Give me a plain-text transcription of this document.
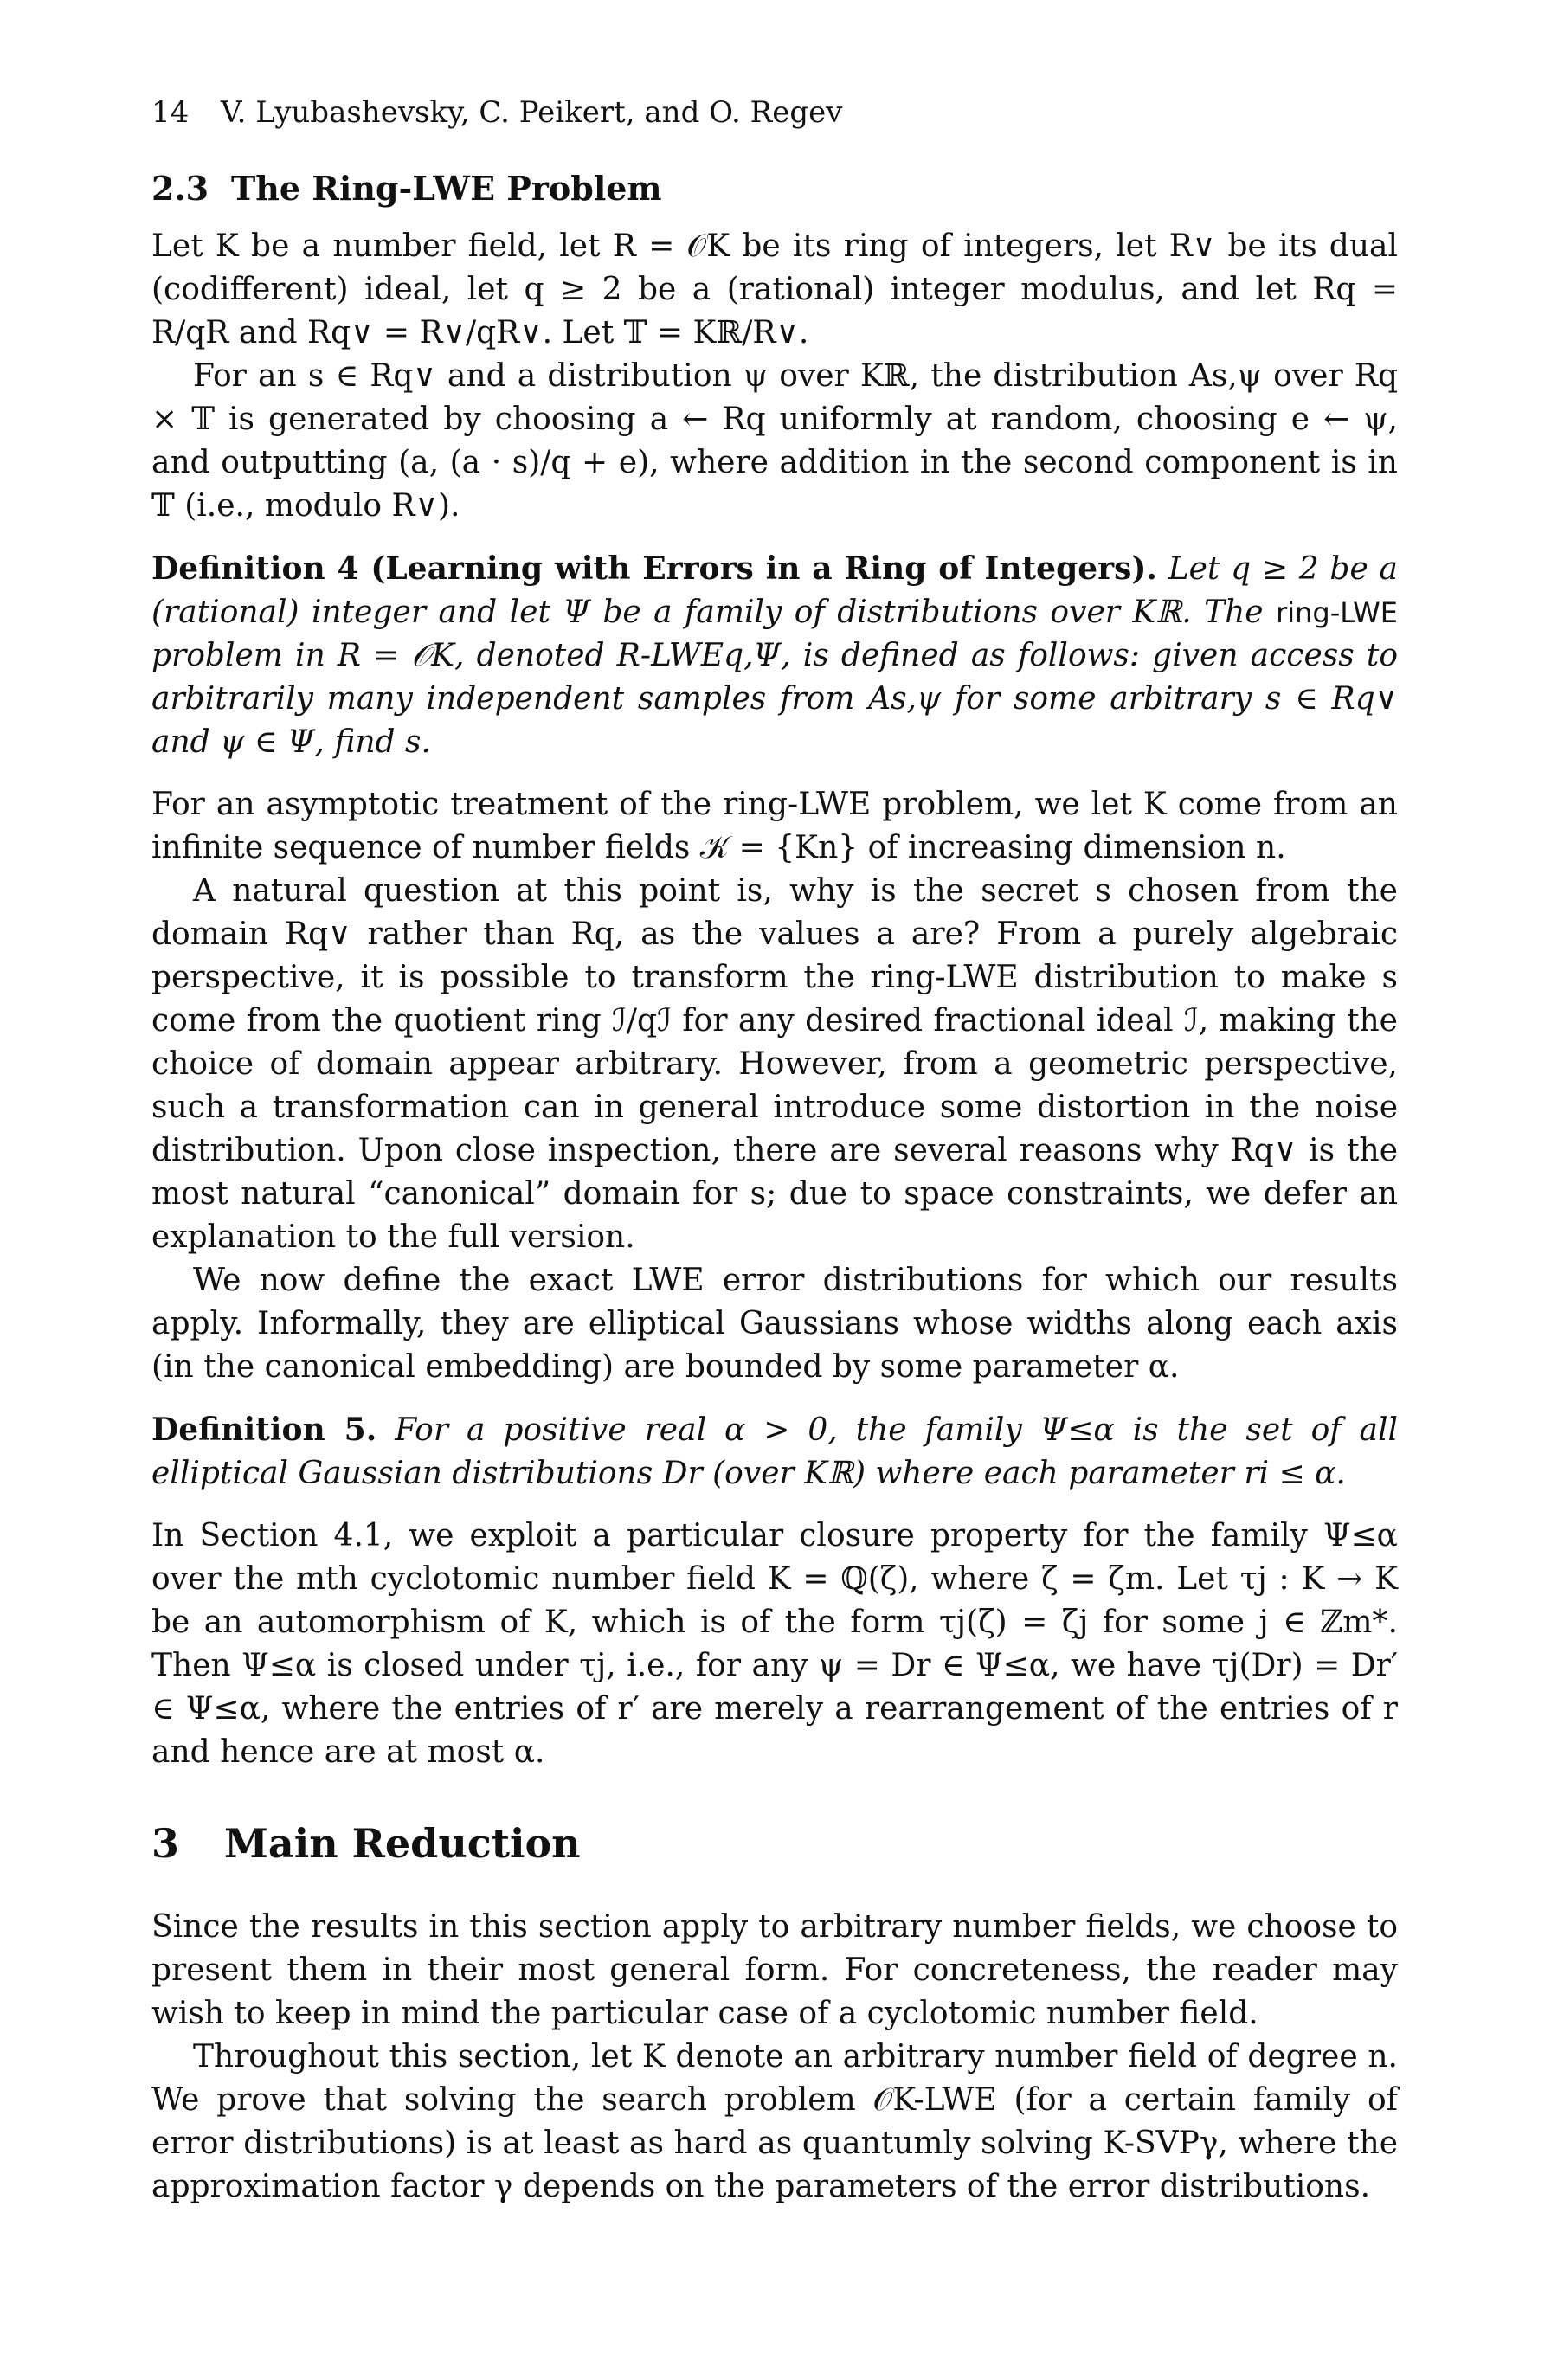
14 V. Lyubashevsky, C. Peikert, and O. Regev
2.3 The Ring-LWE Problem

Let K be a number field, let R = 𝒪K be its ring of integers, let R∨ be its dual (codifferent) ideal, let q ≥ 2 be a (rational) integer modulus, and let Rq = R/qR and Rq∨ = R∨/qR∨. Let 𝕋 = Kℝ/R∨.

For an s ∈ Rq∨ and a distribution ψ over Kℝ, the distribution As,ψ over Rq × 𝕋 is generated by choosing a ← Rq uniformly at random, choosing e ← ψ, and outputting (a, (a · s)/q + e), where addition in the second component is in 𝕋 (i.e., modulo R∨).

Definition 4 (Learning with Errors in a Ring of Integers). Let q ≥ 2 be a (rational) integer and let Ψ be a family of distributions over Kℝ. The ring-LWE problem in R = 𝒪K, denoted R-LWEq,Ψ, is defined as follows: given access to arbitrarily many independent samples from As,ψ for some arbitrary s ∈ Rq∨ and ψ ∈ Ψ, find s.

For an asymptotic treatment of the ring-LWE problem, we let K come from an infinite sequence of number fields 𝒦 = {Kn} of increasing dimension n.

A natural question at this point is, why is the secret s chosen from the domain Rq∨ rather than Rq, as the values a are? From a purely algebraic perspective, it is possible to transform the ring-LWE distribution to make s come from the quotient ring ℐ/qℐ for any desired fractional ideal ℐ, making the choice of domain appear arbitrary. However, from a geometric perspective, such a transformation can in general introduce some distortion in the noise distribution. Upon close inspection, there are several reasons why Rq∨ is the most natural “canonical” domain for s; due to space constraints, we defer an explanation to the full version.

We now define the exact LWE error distributions for which our results apply. Informally, they are elliptical Gaussians whose widths along each axis (in the canonical embedding) are bounded by some parameter α.

Definition 5. For a positive real α > 0, the family Ψ≤α is the set of all elliptical Gaussian distributions Dr (over Kℝ) where each parameter ri ≤ α.

In Section 4.1, we exploit a particular closure property for the family Ψ≤α over the mth cyclotomic number field K = ℚ(ζ), where ζ = ζm. Let τj : K → K be an automorphism of K, which is of the form τj(ζ) = ζj for some j ∈ ℤm*. Then Ψ≤α is closed under τj, i.e., for any ψ = Dr ∈ Ψ≤α, we have τj(Dr) = Dr′ ∈ Ψ≤α, where the entries of r′ are merely a rearrangement of the entries of r and hence are at most α.

3 Main Reduction

Since the results in this section apply to arbitrary number fields, we choose to present them in their most general form. For concreteness, the reader may wish to keep in mind the particular case of a cyclotomic number field.

Throughout this section, let K denote an arbitrary number field of degree n. We prove that solving the search problem 𝒪K-LWE (for a certain family of error distributions) is at least as hard as quantumly solving K-SVPγ, where the approximation factor γ depends on the parameters of the error distributions.
